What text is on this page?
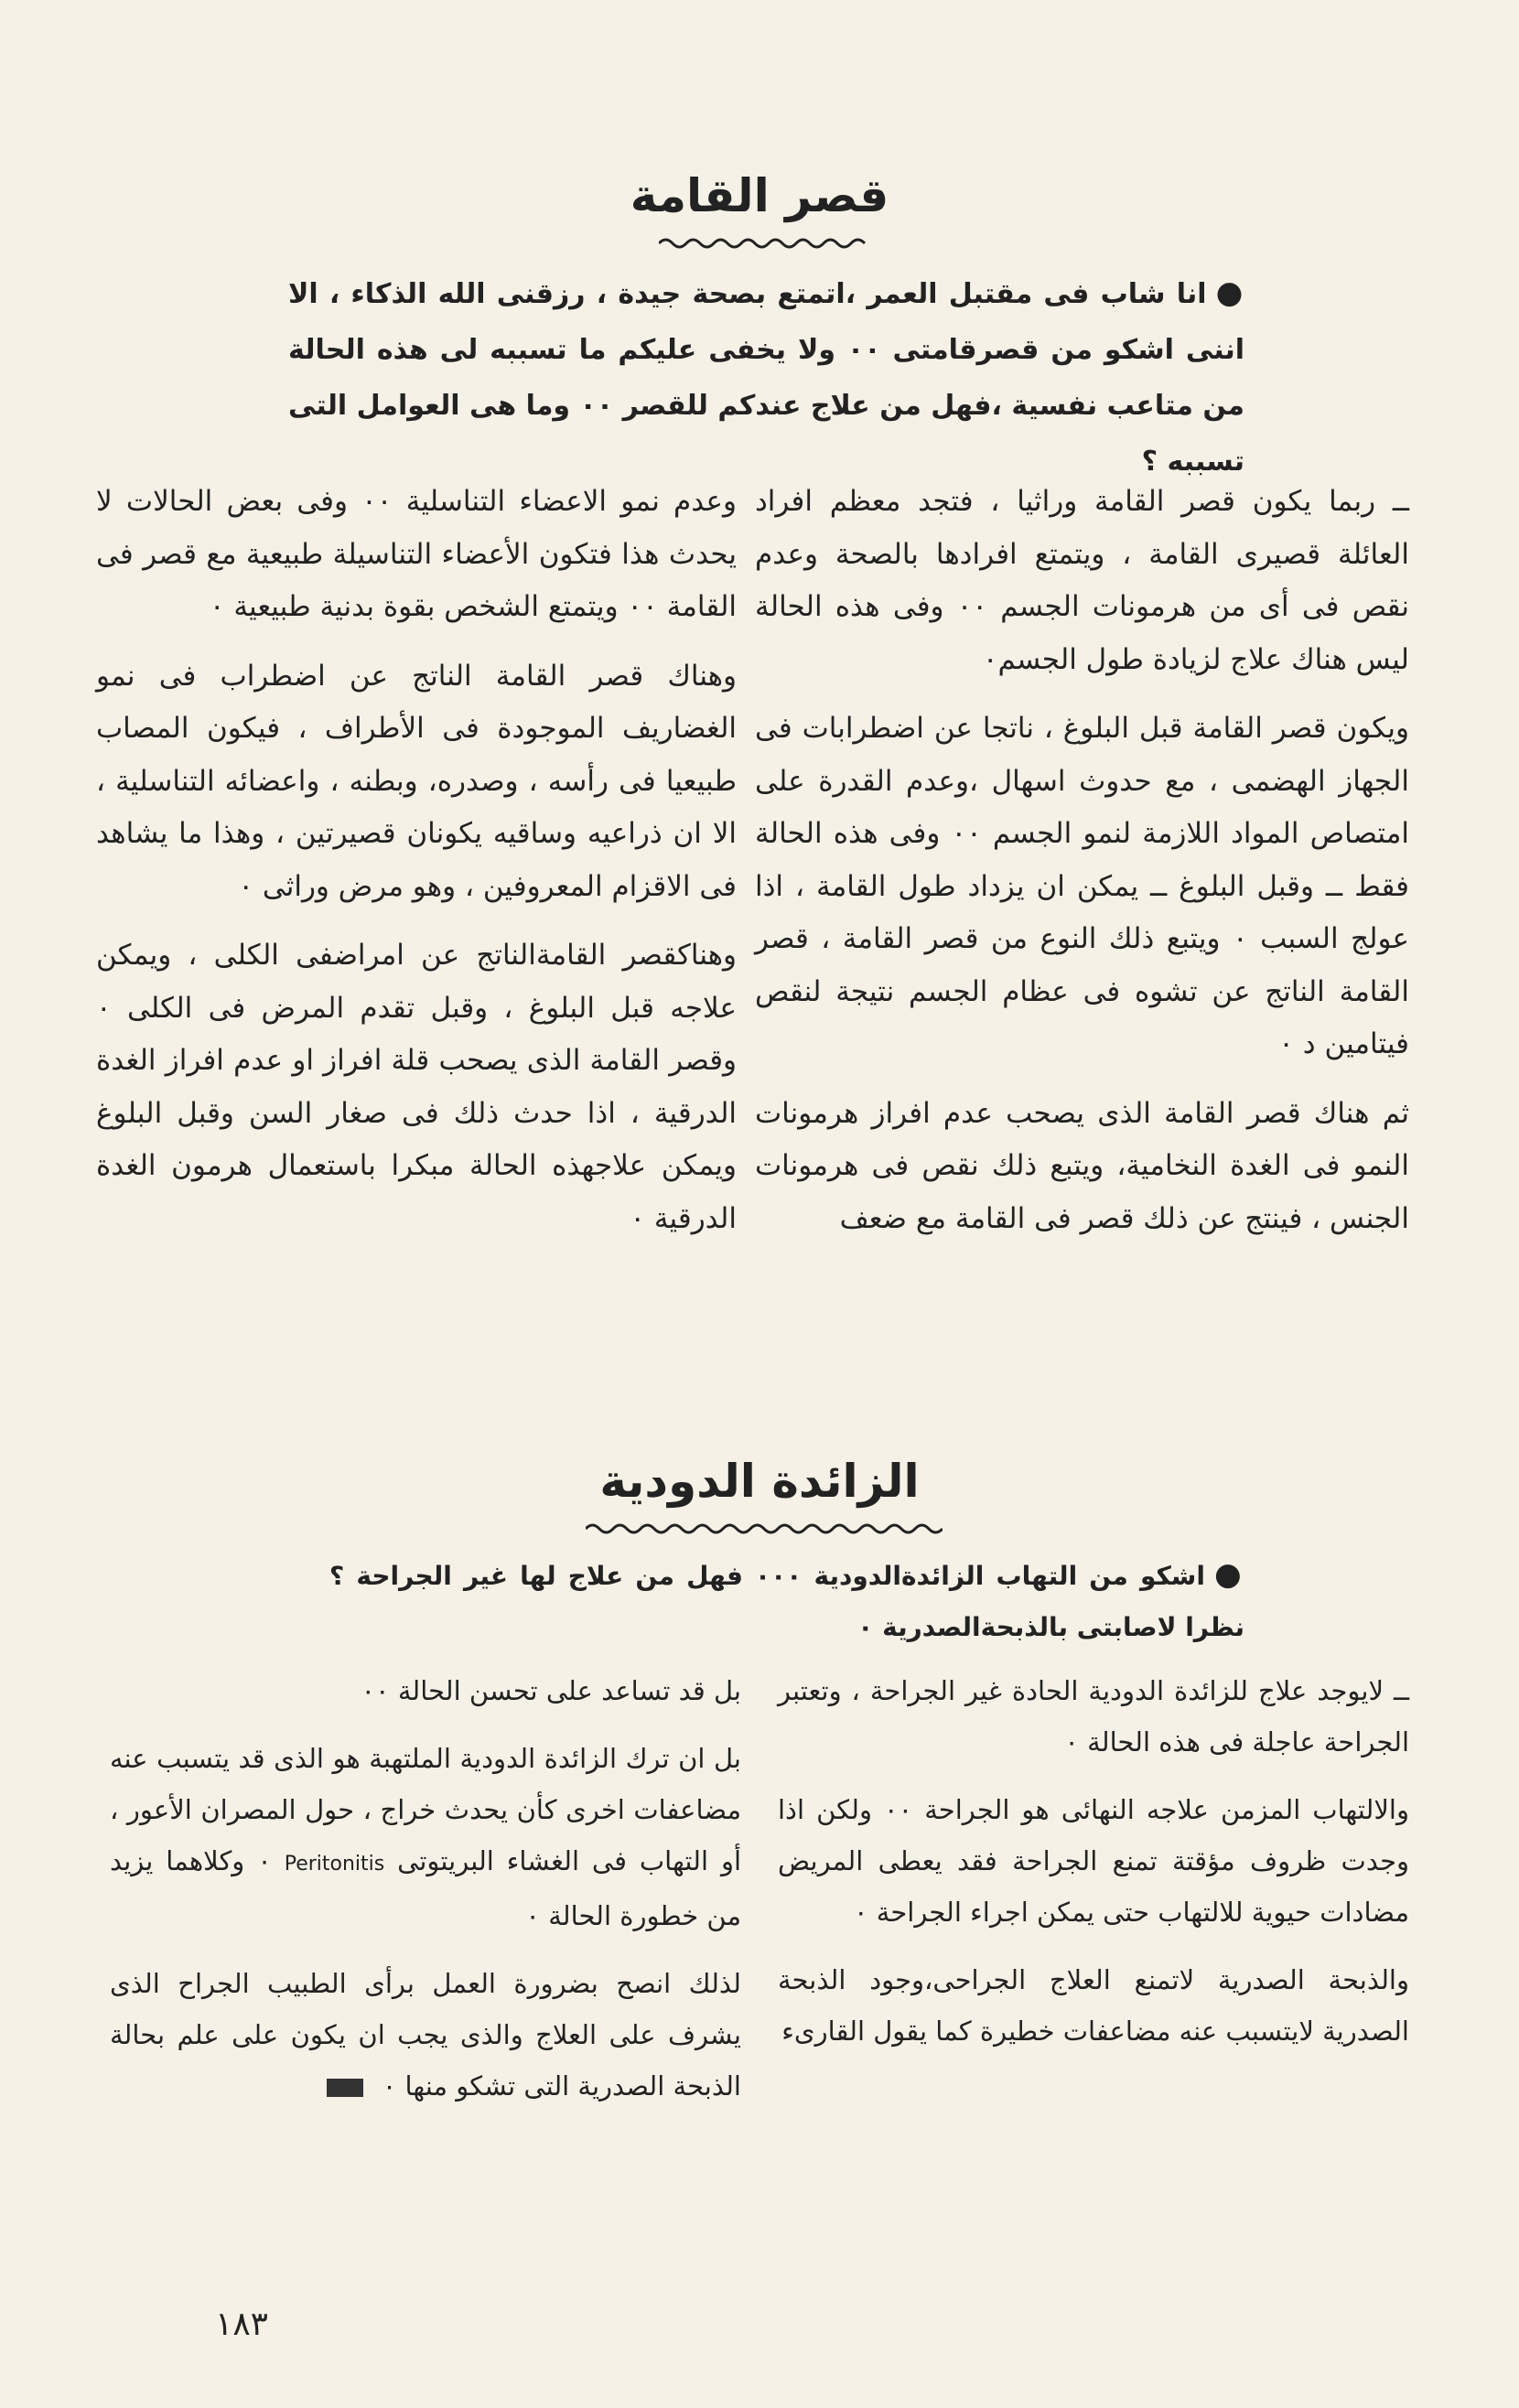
قصر القامة

●انا شاب فى مقتبل العمر ،اتمتع بصحة جيدة ، رزقنى الله الذكاء ، الا اننى اشكو من قصرقامتى ٠٠ ولا يخفى عليكم ما تسببه لى هذه الحالة من متاعب نفسية ،فهل من علاج عندكم للقصر ٠٠ وما هى العوامل التى تسببه ؟

ــ ربما يكون قصر القامة وراثيا ، فتجد معظم افراد العائلة قصيرى القامة ، ويتمتع افرادها بالصحة وعدم نقص فى أى من هرمونات الجسم ٠٠ وفى هذه الحالة ليس هناك علاج لزيادة طول الجسم٠

ويكون قصر القامة قبل البلوغ ، ناتجا عن اضطرابات فى الجهاز الهضمى ، مع حدوث اسهال ،وعدم القدرة على امتصاص المواد اللازمة لنمو الجسم ٠٠ وفى هذه الحالة فقط ــ وقبل البلوغ ــ يمكن ان يزداد طول القامة ، اذا عولج السبب ٠ ويتبع ذلك النوع من قصر القامة ، قصر القامة الناتج عن تشوه فى عظام الجسم نتيجة لنقص فيتامين د ٠

ثم هناك قصر القامة الذى يصحب عدم افراز هرمونات النمو فى الغدة النخامية، ويتبع ذلك نقص فى هرمونات الجنس ، فينتج عن ذلك قصر فى القامة مع ضعف

وعدم نمو الاعضاء التناسلية ٠٠ وفى بعض الحالات لا يحدث هذا فتكون الأعضاء التناسيلة طبيعية مع قصر فى القامة ٠٠ ويتمتع الشخص بقوة بدنية طبيعية ٠

وهناك قصر القامة الناتج عن اضطراب فى نمو الغضاريف الموجودة فى الأطراف ، فيكون المصاب طبيعيا فى رأسه ، وصدره، وبطنه ، واعضائه التناسلية ، الا ان ذراعيه وساقيه يكونان قصيرتين ، وهذا ما يشاهد فى الاقزام المعروفين ، وهو مرض وراثى ٠

وهناكقصر القامةالناتج عن امراضفى الكلى ، ويمكن علاجه قبل البلوغ ، وقبل تقدم المرض فى الكلى ٠ وقصر القامة الذى يصحب قلة افراز او عدم افراز الغدة الدرقية ، اذا حدث ذلك فى صغار السن وقبل البلوغ ويمكن علاجهذه الحالة مبكرا باستعمال هرمون الغدة الدرقية ٠

الزائدة الدودية

●اشكو من التهاب الزائدةالدودية ٠٠٠ فهل من علاج لها غير الجراحة ؟ نظرا لاصابتى بالذبحةالصدرية ٠

ــ لايوجد علاج للزائدة الدودية الحادة غير الجراحة ، وتعتبر الجراحة عاجلة فى هذه الحالة ٠

والالتهاب المزمن علاجه النهائى هو الجراحة ٠٠ ولكن اذا وجدت ظروف مؤقتة تمنع الجراحة فقد يعطى المريض مضادات حيوية للالتهاب حتى يمكن اجراء الجراحة ٠

والذبحة الصدرية لاتمنع العلاج الجراحى،وجود الذبحة الصدرية لايتسبب عنه مضاعفات خطيرة كما يقول القارىء

بل قد تساعد على تحسن الحالة ٠٠

بل ان ترك الزائدة الدودية الملتهبة هو الذى قد يتسبب عنه مضاعفات اخرى كأن يحدث خراج ، حول المصران الأعور ، أو التهاب فى الغشاء البريتوتى Peritonitis ٠ وكلاهما يزيد من خطورة الحالة ٠

لذلك انصح بضرورة العمل برأى الطبيب الجراح الذى يشرف على العلاج والذى يجب ان يكون على علم بحالة الذبحة الصدرية التى تشكو منها ٠

١٨٣
